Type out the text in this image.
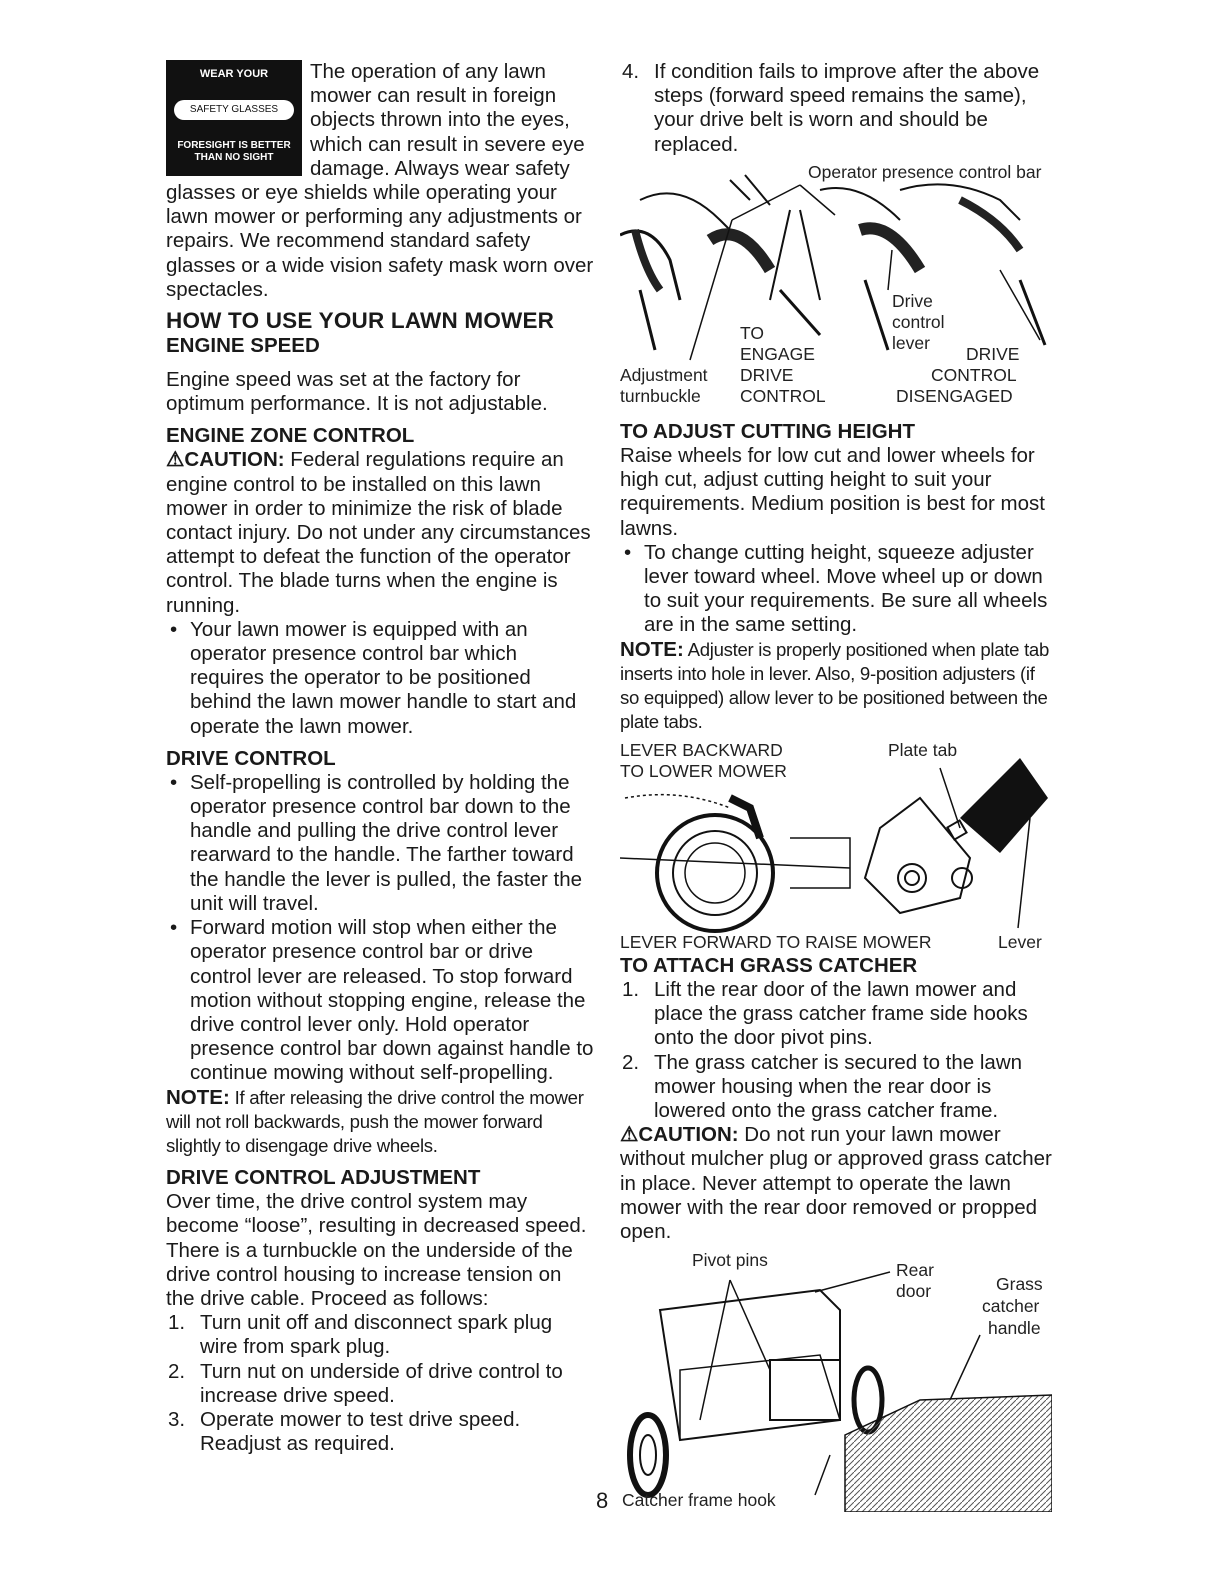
WEAR YOUR
SAFETY GLASSES
FORESIGHT IS BETTER
THAN NO SIGHT

The operation of any lawn mower can result in foreign objects thrown into the eyes, which can result in severe eye damage. Always wear safety glasses or eye shields while operating your lawn mower or performing any adjustments or repairs. We recommend standard safety glasses or a wide vision safety mask worn over spectacles.

HOW TO USE YOUR LAWN MOWER
ENGINE SPEED

Engine speed was set at the factory for optimum performance. It is not adjustable.

ENGINE ZONE CONTROL

⚠CAUTION: Federal regulations require an engine control to be installed on this lawn mower in order to minimize the risk of blade contact injury. Do not under any circumstances attempt to defeat the function of the operator control. The blade turns when the engine is running.

• Your lawn mower is equipped with an operator presence control bar which requires the operator to be positioned behind the lawn mower handle to start and operate the lawn mower.
DRIVE CONTROL
• Self-propelling is controlled by holding the operator presence control bar down to the handle and pulling the drive control lever rearward to the handle. The farther toward the handle the lever is pulled, the faster the unit will travel.
• Forward motion will stop when either the operator presence control bar or drive control lever are released. To stop forward motion without stopping engine, release the drive control lever only. Hold operator presence control bar down against handle to continue mowing without self-propelling.

NOTE: If after releasing the drive control the mower will not roll backwards, push the mower forward slightly to disengage drive wheels.

DRIVE CONTROL ADJUSTMENT

Over time, the drive control system may become “loose”, resulting in decreased speed. There is a turnbuckle on the underside of the drive control housing to increase tension on the drive cable. Proceed as follows:

1. Turn unit off and disconnect spark plug wire from spark plug.
2. Turn nut on underside of drive control to increase drive speed.
3. Operate mower to test drive speed. Readjust as required.
4. If condition fails to improve after the above steps (forward speed remains the same), your drive belt is worn and should be replaced.
Operator presence control bar
Drive
control
lever
TO
ENGAGE
DRIVE
CONTROL
Adjustment
turnbuckle
DRIVE
CONTROL
DISENGAGED
TO ADJUST CUTTING HEIGHT

Raise wheels for low cut and lower wheels for high cut, adjust cutting height to suit your requirements. Medium position is best for most lawns.

• To change cutting height, squeeze adjuster lever toward wheel. Move wheel up or down to suit your requirements. Be sure all wheels are in the same setting.

NOTE: Adjuster is properly positioned when plate tab inserts into hole in lever. Also, 9-position adjusters (if so equipped) allow lever to be positioned between the plate tabs.

LEVER BACKWARD
TO LOWER MOWER
Plate tab
LEVER FORWARD TO RAISE MOWER	Lever
TO ATTACH GRASS CATCHER
1. Lift the rear door of the lawn mower and place the grass catcher frame side hooks onto the door pivot pins.
2. The grass catcher is secured to the lawn mower housing when the rear door is lowered onto the grass catcher frame.

⚠CAUTION: Do not run your lawn mower without mulcher plug or approved grass catcher in place. Never attempt to operate the lawn mower with the rear door removed or propped open.

Pivot pins	Rear
door	Grass
catcher
handle
Catcher frame hook
8
